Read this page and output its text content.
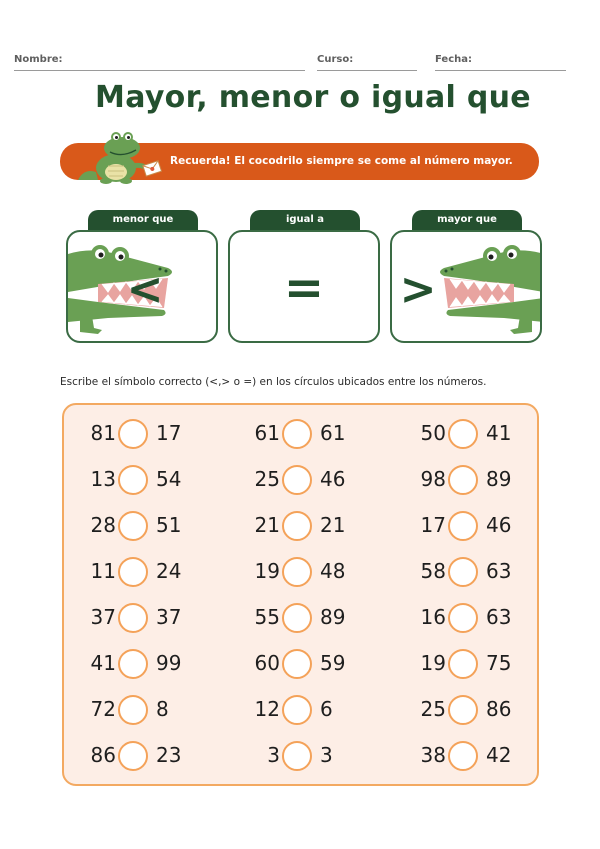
Nombre:	Curso:	Fecha:
Mayor, menor o igual que
Recuerda! El cocodrilo siempre se come al número mayor.
menor que	igual a	mayor que
<	=	>
Escribe el símbolo correcto (<,> o =) en los círculos ubicados entre los números.
81 17	61 61	50 41
13 54	25 46	98 89
28 51	21 21	17 46
11 24	19 48	58 63
37 37	55 89	16 63
41 99	60 59	19 75
72 8	12 6	25 86
86 23	3 3	38 42
